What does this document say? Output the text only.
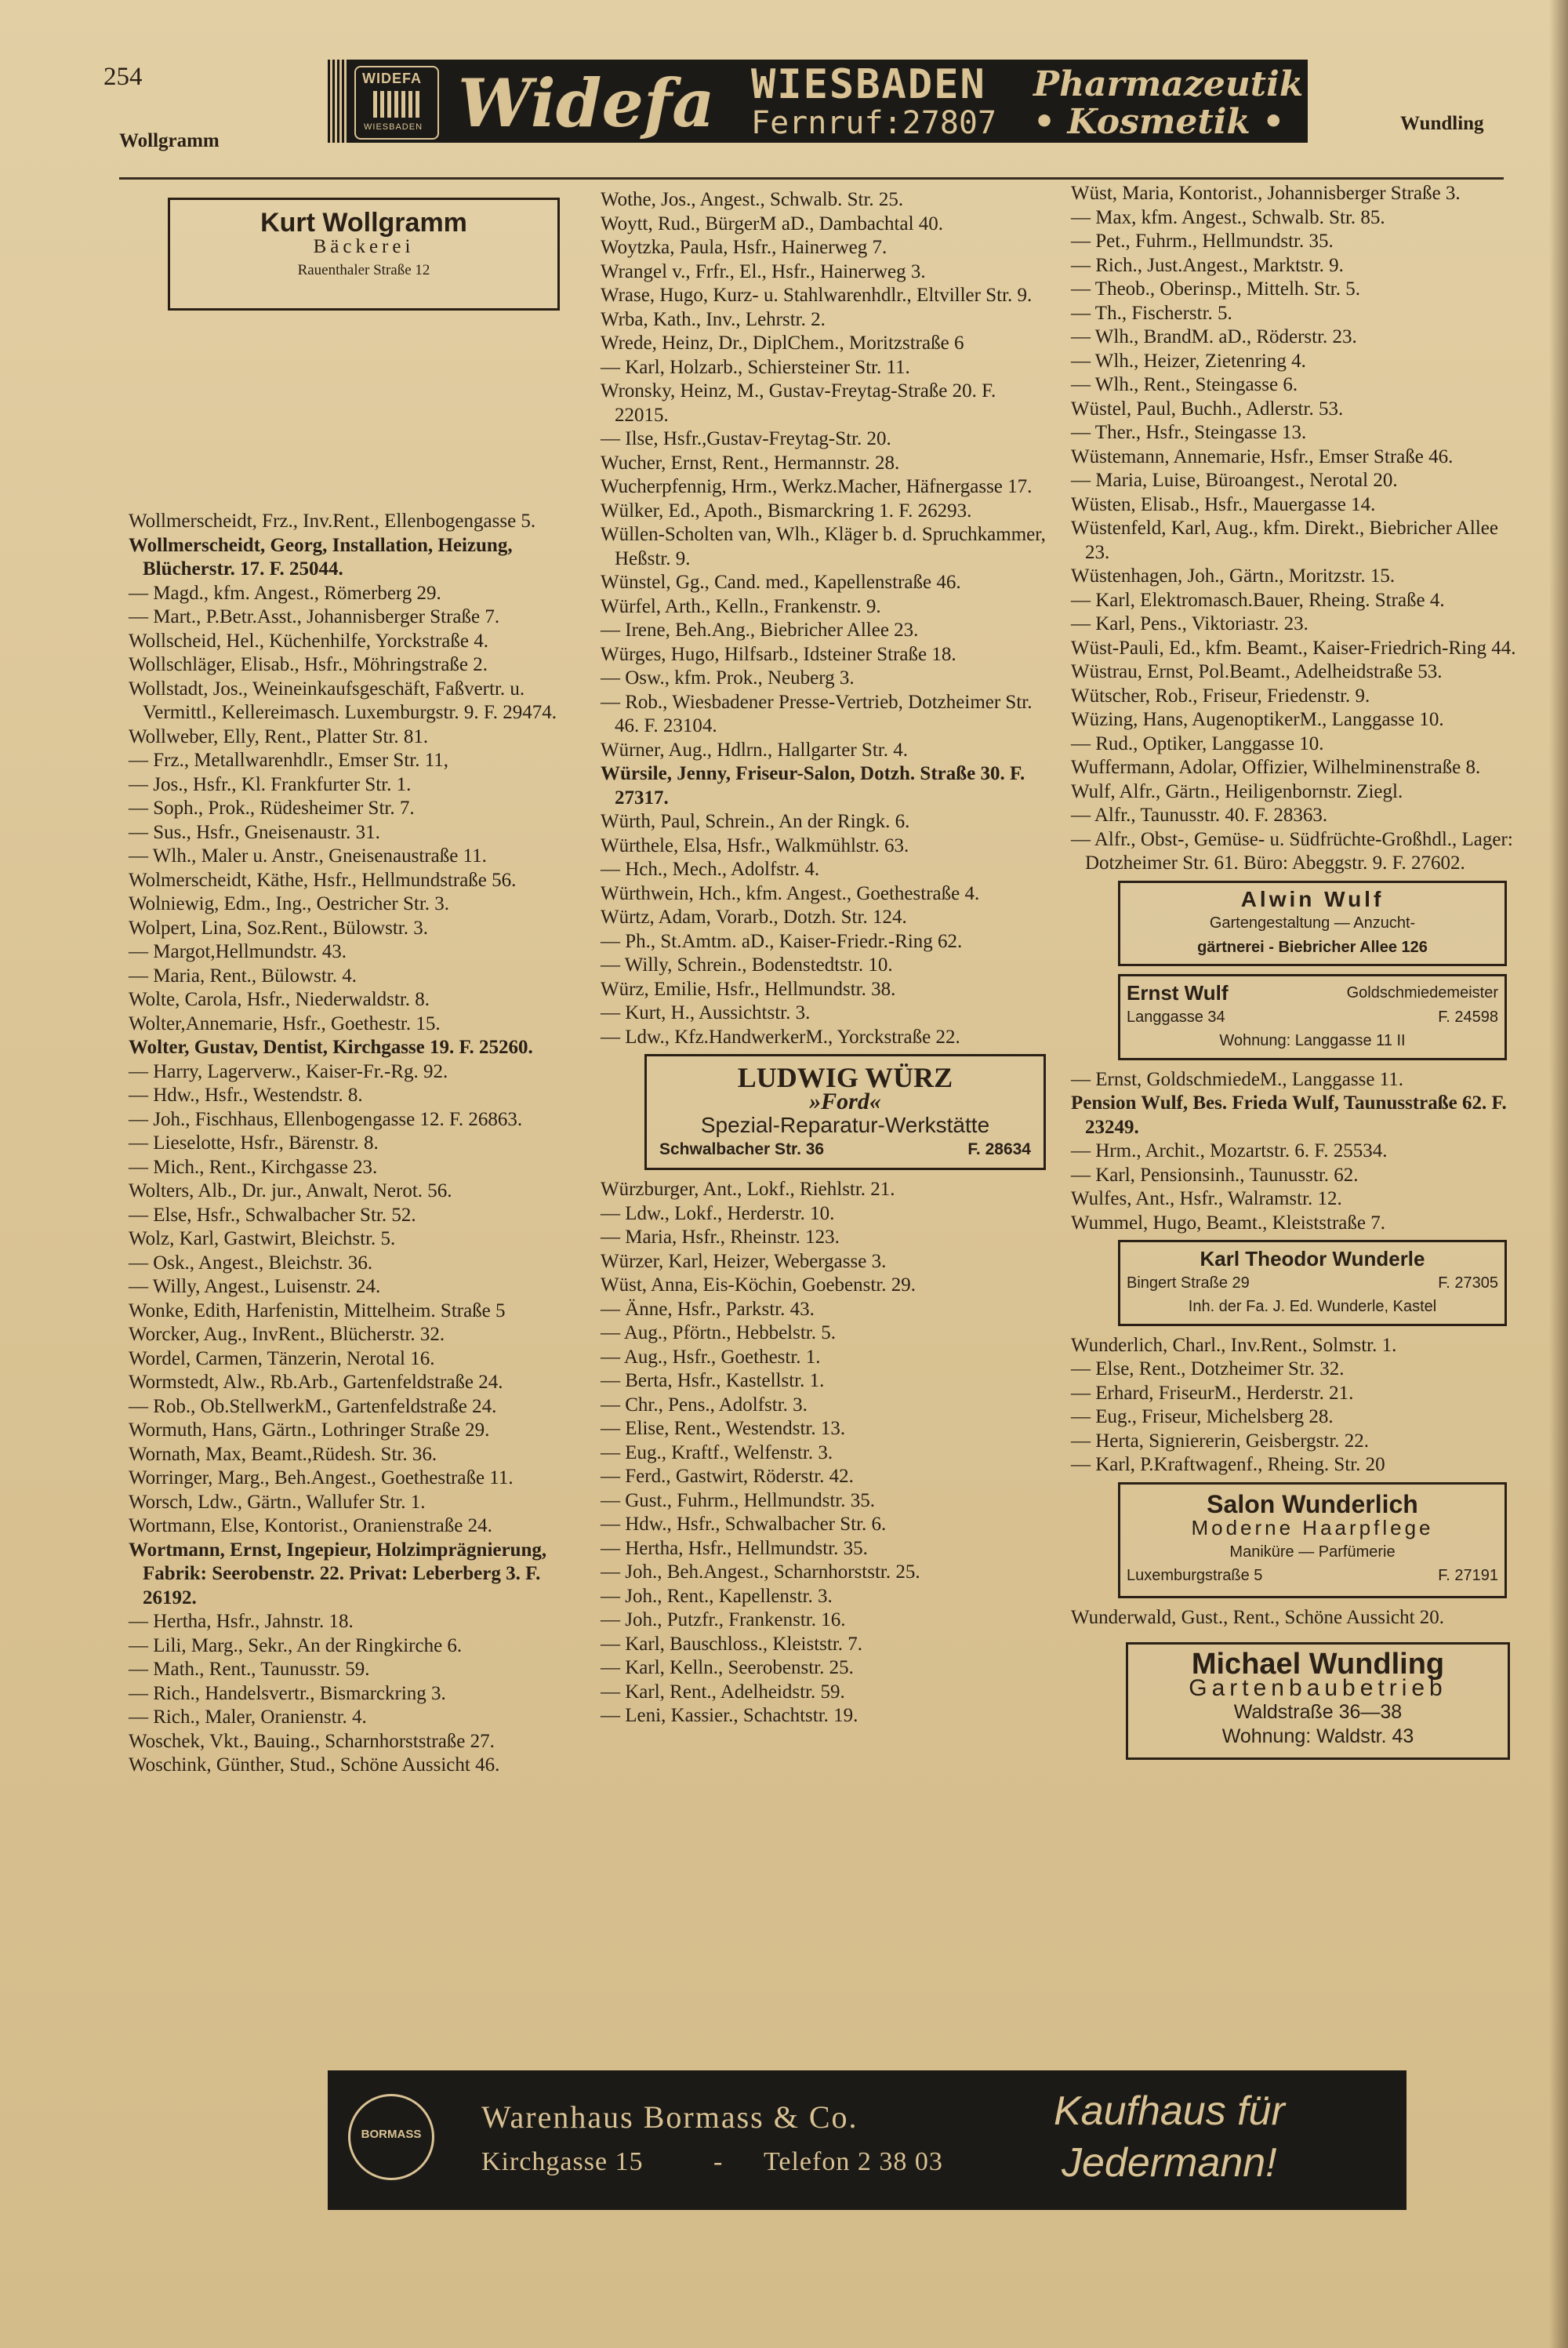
254
Wollgramm
Wundling
WIDEFA
WIESBADEN Widefa WIESBADEN
Fernruf:27807
Pharmazeutik
• Kosmetik •
Kurt Wollgramm
Bäckerei
Rauenthaler Straße 12

Wollmerscheidt, Frz., Inv.Rent., Ellenbogengasse 5.

Wollmerscheidt, Georg, Installation, Heizung, Blücherstr. 17. F. 25044.

— Magd., kfm. Angest., Römerberg 29.

— Mart., P.Betr.Asst., Johannisberger Straße 7.

Wollscheid, Hel., Küchenhilfe, Yorckstraße 4.

Wollschläger, Elisab., Hsfr., Möhringstraße 2.

Wollstadt, Jos., Weineinkaufsgeschäft, Faßvertr. u. Vermittl., Kellereimasch. Luxemburgstr. 9. F. 29474.

Wollweber, Elly, Rent., Platter Str. 81.

— Frz., Metallwarenhdlr., Emser Str. 11,

— Jos., Hsfr., Kl. Frankfurter Str. 1.

— Soph., Prok., Rüdesheimer Str. 7.

— Sus., Hsfr., Gneisenaustr. 31.

— Wlh., Maler u. Anstr., Gneisenaustraße 11.

Wolmerscheidt, Käthe, Hsfr., Hellmundstraße 56.

Wolniewig, Edm., Ing., Oestricher Str. 3.

Wolpert, Lina, Soz.Rent., Bülowstr. 3.

— Margot,Hellmundstr. 43.

— Maria, Rent., Bülowstr. 4.

Wolte, Carola, Hsfr., Niederwaldstr. 8.

Wolter,Annemarie, Hsfr., Goethestr. 15.

Wolter, Gustav, Dentist, Kirchgasse 19. F. 25260.

— Harry, Lagerverw., Kaiser-Fr.-Rg. 92.

— Hdw., Hsfr., Westendstr. 8.

— Joh., Fischhaus, Ellenbogengasse 12. F. 26863.

— Lieselotte, Hsfr., Bärenstr. 8.

— Mich., Rent., Kirchgasse 23.

Wolters, Alb., Dr. jur., Anwalt, Nerot. 56.

— Else, Hsfr., Schwalbacher Str. 52.

Wolz, Karl, Gastwirt, Bleichstr. 5.

— Osk., Angest., Bleichstr. 36.

— Willy, Angest., Luisenstr. 24.

Wonke, Edith, Harfenistin, Mittelheim. Straße 5

Worcker, Aug., InvRent., Blücherstr. 32.

Wordel, Carmen, Tänzerin, Nerotal 16.

Wormstedt, Alw., Rb.Arb., Gartenfeldstraße 24.

— Rob., Ob.StellwerkM., Gartenfeldstraße 24.

Wormuth, Hans, Gärtn., Lothringer Straße 29.

Wornath, Max, Beamt.,Rüdesh. Str. 36.

Worringer, Marg., Beh.Angest., Goethestraße 11.

Worsch, Ldw., Gärtn., Wallufer Str. 1.

Wortmann, Else, Kontorist., Oranienstraße 24.

Wortmann, Ernst, Ingepieur, Holzimprägnierung, Fabrik: Seerobenstr. 22. Privat: Leberberg 3. F. 26192.

— Hertha, Hsfr., Jahnstr. 18.

— Lili, Marg., Sekr., An der Ringkirche 6.

— Math., Rent., Taunusstr. 59.

— Rich., Handelsvertr., Bismarckring 3.

— Rich., Maler, Oranienstr. 4.

Woschek, Vkt., Bauing., Scharnhorststraße 27.

Woschink, Günther, Stud., Schöne Aussicht 46.

Wothe, Jos., Angest., Schwalb. Str. 25.

Woytt, Rud., BürgerM aD., Dambachtal 40.

Woytzka, Paula, Hsfr., Hainerweg 7.

Wrangel v., Frfr., El., Hsfr., Hainerweg 3.

Wrase, Hugo, Kurz- u. Stahlwarenhdlr., Eltviller Str. 9.

Wrba, Kath., Inv., Lehrstr. 2.

Wrede, Heinz, Dr., DiplChem., Moritzstraße 6

— Karl, Holzarb., Schiersteiner Str. 11.

Wronsky, Heinz, M., Gustav-Freytag-Straße 20. F. 22015.

— Ilse, Hsfr.,Gustav-Freytag-Str. 20.

Wucher, Ernst, Rent., Hermannstr. 28.

Wucherpfennig, Hrm., Werkz.Macher, Häfnergasse 17.

Wülker, Ed., Apoth., Bismarckring 1. F. 26293.

Wüllen-Scholten van, Wlh., Kläger b. d. Spruchkammer, Heßstr. 9.

Wünstel, Gg., Cand. med., Kapellenstraße 46.

Würfel, Arth., Kelln., Frankenstr. 9.

— Irene, Beh.Ang., Biebricher Allee 23.

Würges, Hugo, Hilfsarb., Idsteiner Straße 18.

— Osw., kfm. Prok., Neuberg 3.

— Rob., Wiesbadener Presse-Vertrieb, Dotzheimer Str. 46. F. 23104.

Würner, Aug., Hdlrn., Hallgarter Str. 4.

Würsile, Jenny, Friseur-Salon, Dotzh. Straße 30. F. 27317.

Würth, Paul, Schrein., An der Ringk. 6.

Würthele, Elsa, Hsfr., Walkmühlstr. 63.

— Hch., Mech., Adolfstr. 4.

Würthwein, Hch., kfm. Angest., Goethestraße 4.

Würtz, Adam, Vorarb., Dotzh. Str. 124.

— Ph., St.Amtm. aD., Kaiser-Friedr.-Ring 62.

— Willy, Schrein., Bodenstedtstr. 10.

Würz, Emilie, Hsfr., Hellmundstr. 38.

— Kurt, H., Aussichtstr. 3.

— Ldw., Kfz.HandwerkerM., Yorckstraße 22.

LUDWIG WÜRZ
»Ford«
Spezial-Reparatur-Werkstätte
Schwalbacher Str. 36	F. 28634

Würzburger, Ant., Lokf., Riehlstr. 21.

— Ldw., Lokf., Herderstr. 10.

— Maria, Hsfr., Rheinstr. 123.

Würzer, Karl, Heizer, Webergasse 3.

Wüst, Anna, Eis-Köchin, Goebenstr. 29.

— Änne, Hsfr., Parkstr. 43.

— Aug., Pförtn., Hebbelstr. 5.

— Aug., Hsfr., Goethestr. 1.

— Berta, Hsfr., Kastellstr. 1.

— Chr., Pens., Adolfstr. 3.

— Elise, Rent., Westendstr. 13.

— Eug., Kraftf., Welfenstr. 3.

— Ferd., Gastwirt, Röderstr. 42.

— Gust., Fuhrm., Hellmundstr. 35.

— Hdw., Hsfr., Schwalbacher Str. 6.

— Hertha, Hsfr., Hellmundstr. 35.

— Joh., Beh.Angest., Scharnhorststr. 25.

— Joh., Rent., Kapellenstr. 3.

— Joh., Putzfr., Frankenstr. 16.

— Karl, Bauschloss., Kleiststr. 7.

— Karl, Kelln., Seerobenstr. 25.

— Karl, Rent., Adelheidstr. 59.

— Leni, Kassier., Schachtstr. 19.

Wüst, Maria, Kontorist., Johannisberger Straße 3.

— Max, kfm. Angest., Schwalb. Str. 85.

— Pet., Fuhrm., Hellmundstr. 35.

— Rich., Just.Angest., Marktstr. 9.

— Theob., Oberinsp., Mittelh. Str. 5.

— Th., Fischerstr. 5.

— Wlh., BrandM. aD., Röderstr. 23.

— Wlh., Heizer, Zietenring 4.

— Wlh., Rent., Steingasse 6.

Wüstel, Paul, Buchh., Adlerstr. 53.

— Ther., Hsfr., Steingasse 13.

Wüstemann, Annemarie, Hsfr., Emser Straße 46.

— Maria, Luise, Büroangest., Nerotal 20.

Wüsten, Elisab., Hsfr., Mauergasse 14.

Wüstenfeld, Karl, Aug., kfm. Direkt., Biebricher Allee 23.

Wüstenhagen, Joh., Gärtn., Moritzstr. 15.

— Karl, Elektromasch.Bauer, Rheing. Straße 4.

— Karl, Pens., Viktoriastr. 23.

Wüst-Pauli, Ed., kfm. Beamt., Kaiser-Friedrich-Ring 44.

Wüstrau, Ernst, Pol.Beamt., Adelheidstraße 53.

Wütscher, Rob., Friseur, Friedenstr. 9.

Wüzing, Hans, AugenoptikerM., Langgasse 10.

— Rud., Optiker, Langgasse 10.

Wuffermann, Adolar, Offizier, Wilhelminenstraße 8.

Wulf, Alfr., Gärtn., Heiligenbornstr. Ziegl.

— Alfr., Taunusstr. 40. F. 28363.

— Alfr., Obst-, Gemüse- u. Südfrüchte-Großhdl., Lager: Dotzheimer Str. 61. Büro: Abeggstr. 9. F. 27602.

Alwin Wulf
Gartengestaltung — Anzucht-
gärtnerei - Biebricher Allee 126
Ernst Wulf	Goldschmiedemeister
Langgasse 34	F. 24598
Wohnung: Langgasse 11 II

— Ernst, GoldschmiedeM., Langgasse 11.

Pension Wulf, Bes. Frieda Wulf, Taunusstraße 62. F. 23249.

— Hrm., Archit., Mozartstr. 6. F. 25534.

— Karl, Pensionsinh., Taunusstr. 62.

Wulfes, Ant., Hsfr., Walramstr. 12.

Wummel, Hugo, Beamt., Kleiststraße 7.

Karl Theodor Wunderle
Bingert Straße 29	F. 27305
Inh. der Fa. J. Ed. Wunderle, Kastel

Wunderlich, Charl., Inv.Rent., Solmstr. 1.

— Else, Rent., Dotzheimer Str. 32.

— Erhard, FriseurM., Herderstr. 21.

— Eug., Friseur, Michelsberg 28.

— Herta, Signiererin, Geisbergstr. 22.

— Karl, P.Kraftwagenf., Rheing. Str. 20

Salon Wunderlich
Moderne Haarpflege
Maniküre — Parfümerie
Luxemburgstraße 5	F. 27191

Wunderwald, Gust., Rent., Schöne Aussicht 20.

Michael Wundling
Gartenbaubetrieb
Waldstraße 36—38
Wohnung: Waldstr. 43
BORMASS Warenhaus Bormass & Co.
Kirchgasse 15	- Telefon 2 38 03
Kaufhaus für
Jedermann!
